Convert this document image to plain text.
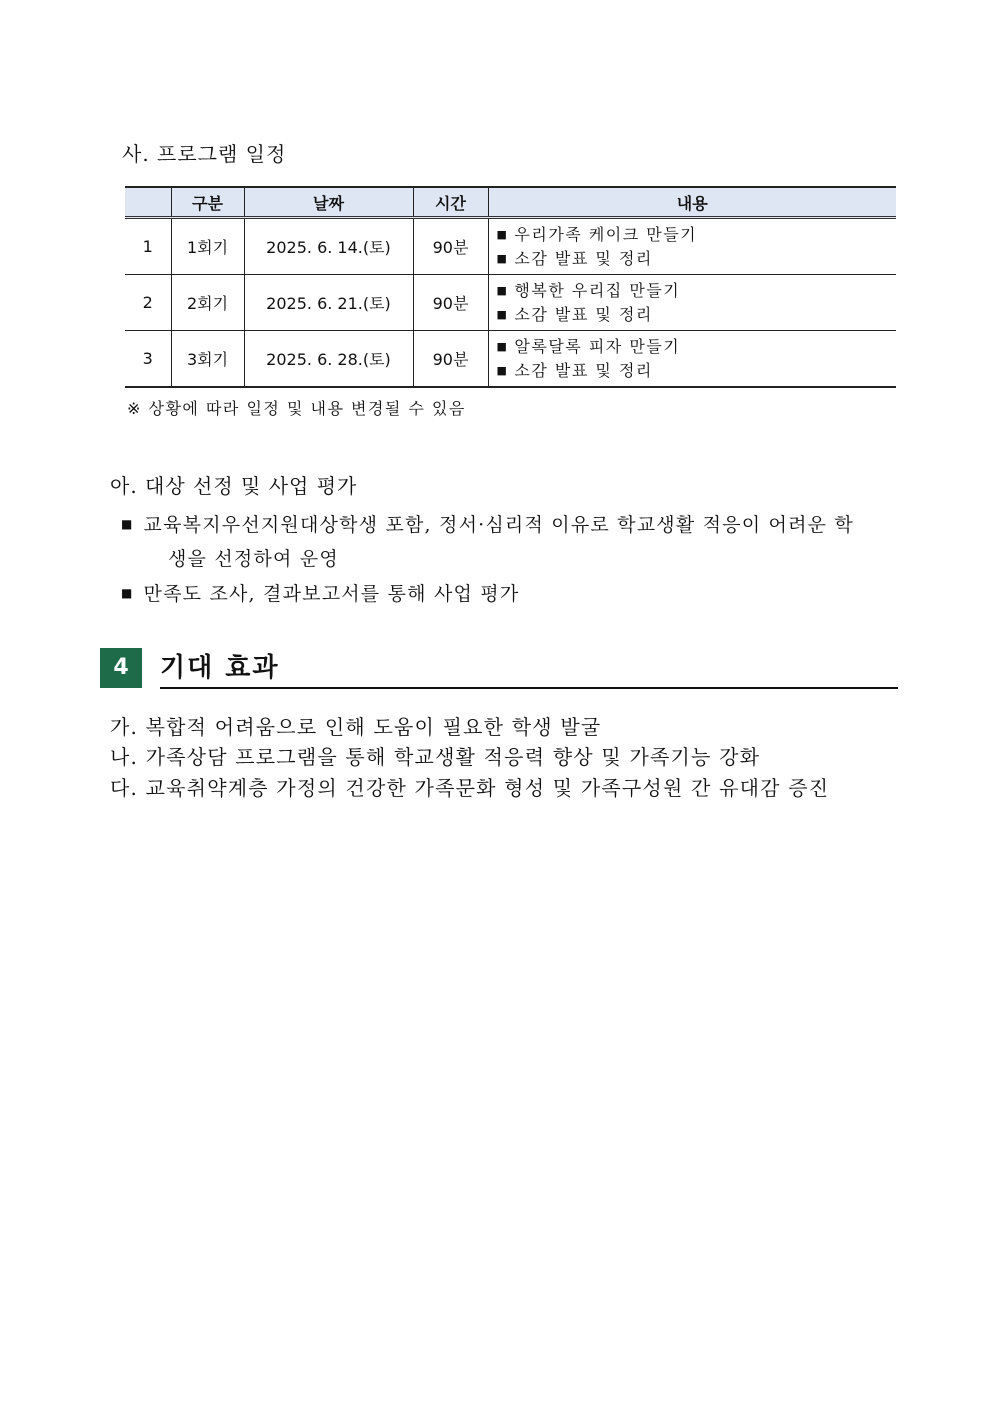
사. 프로그램 일정
	구분	날짜	시간	내용
1	1회기	2025. 6. 14.(토)	90분	■ 우리가족 케이크 만들기
■ 소감 발표 및 정리

2	2회기	2025. 6. 21.(토)	90분	■ 행복한 우리집 만들기
■ 소감 발표 및 정리

3	3회기	2025. 6. 28.(토)	90분	■ 알록달록 피자 만들기
■ 소감 발표 및 정리
※ 상황에 따라 일정 및 내용 변경될 수 있음
아. 대상 선정 및 사업 평가
■ 교육복지우선지원대상학생 포함, 정서·심리적 이유로 학교생활 적응이 어려운 학
생을 선정하여 운영
■ 만족도 조사, 결과보고서를 통해 사업 평가
4	기대 효과
가. 복합적 어려움으로 인해 도움이 필요한 학생 발굴
나. 가족상담 프로그램을 통해 학교생활 적응력 향상 및 가족기능 강화
다. 교육취약계층 가정의 건강한 가족문화 형성 및 가족구성원 간 유대감 증진
